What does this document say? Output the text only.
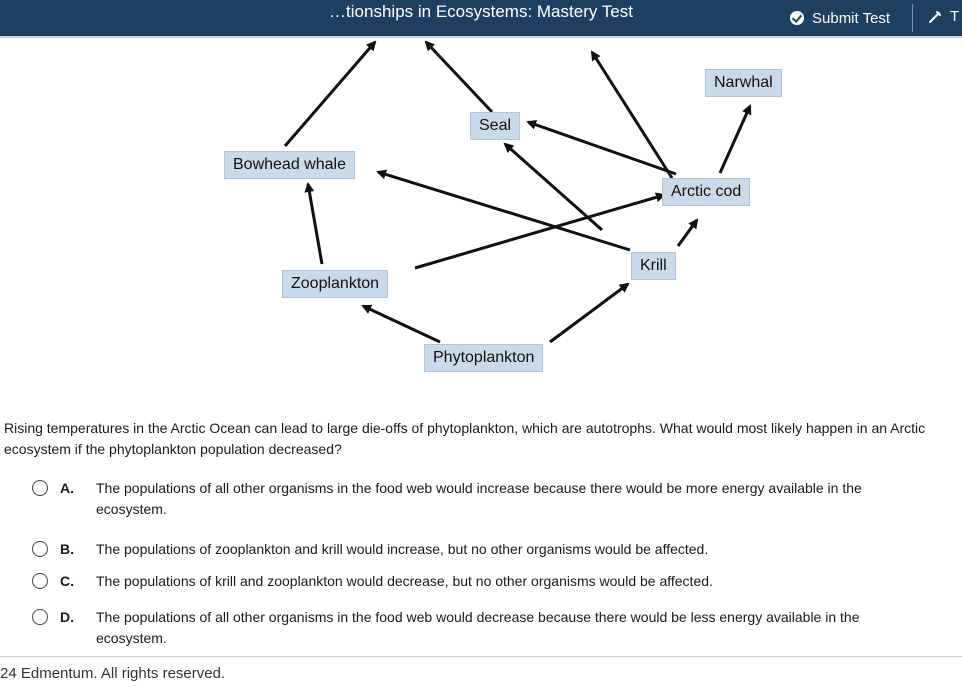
…tionships in Ecosystems: Mastery Test	Submit Test	T
Narwhal
Seal
Bowhead whale
Arctic cod
Krill
Zooplankton
Phytoplankton
Rising temperatures in the Arctic Ocean can lead to large die-offs of phytoplankton, which are autotrophs. What would most likely happen in an Arctic ecosystem if the phytoplankton population decreased?
A.	The populations of all other organisms in the food web would increase because there would be more energy available in the ecosystem.
B.	The populations of zooplankton and krill would increase, but no other organisms would be affected.
C.	The populations of krill and zooplankton would decrease, but no other organisms would be affected.
D.	The populations of all other organisms in the food web would decrease because there would be less energy available in the ecosystem.
24 Edmentum. All rights reserved.
